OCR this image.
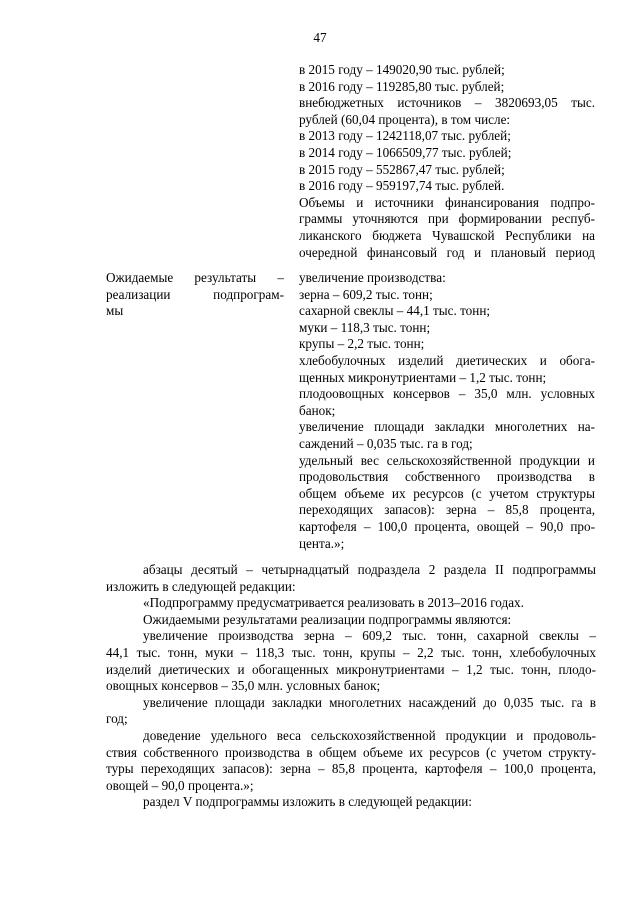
47
в 2015 году – 149020,90 тыс. рублей;
в 2016 году – 119285,80 тыс. рублей;
внебюджетных источников – 3820693,05 тыс.
рублей (60,04 процента), в том числе:
в 2013 году – 1242118,07 тыс. рублей;
в 2014 году – 1066509,77 тыс. рублей;
в 2015 году – 552867,47 тыс. рублей;
в 2016 году – 959197,74 тыс. рублей.
Объемы и источники финансирования подпро-
граммы уточняются при формировании респуб-
ликанского бюджета Чувашской Республики на
очередной финансовый год и плановый период
Ожидаемые результаты –
реализации подпрограм-
мы
увеличение производства:
зерна – 609,2 тыс. тонн;
сахарной свеклы – 44,1 тыс. тонн;
муки – 118,3 тыс. тонн;
крупы – 2,2 тыс. тонн;
хлебобулочных изделий диетических и обога-
щенных микронутриентами – 1,2 тыс. тонн;
плодоовощных консервов – 35,0 млн. условных
банок;
увеличение площади закладки многолетних на-
саждений – 0,035 тыс. га в год;
удельный вес сельскохозяйственной продукции и
продовольствия собственного производства в
общем объеме их ресурсов (с учетом структуры
переходящих запасов): зерна – 85,8 процента,
картофеля – 100,0 процента, овощей – 90,0 про-
цента.»;
абзацы десятый – четырнадцатый подраздела 2 раздела II подпрограммы
изложить в следующей редакции:
«Подпрограмму предусматривается реализовать в 2013–2016 годах.
Ожидаемыми результатами реализации подпрограммы являются:
увеличение производства зерна – 609,2 тыс. тонн, сахарной свеклы –
44,1 тыс. тонн, муки – 118,3 тыс. тонн, крупы – 2,2 тыс. тонн, хлебобулочных
изделий диетических и обогащенных микронутриентами – 1,2 тыс. тонн, плодо-
овощных консервов – 35,0 млн. условных банок;
увеличение площади закладки многолетних насаждений до 0,035 тыс. га в
год;
доведение удельного веса сельскохозяйственной продукции и продоволь-
ствия собственного производства в общем объеме их ресурсов (с учетом структу-
туры переходящих запасов): зерна – 85,8 процента, картофеля – 100,0 процента,
овощей – 90,0 процента.»;
раздел V подпрограммы изложить в следующей редакции:
